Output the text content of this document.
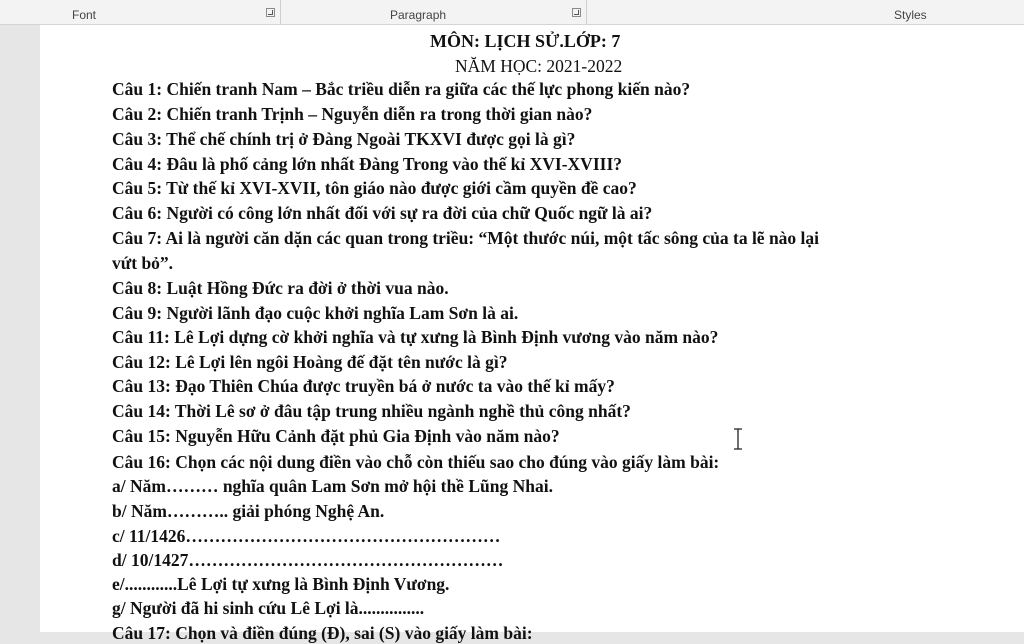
Font	Paragraph	Styles
MÔN: LỊCH SỬ.LỚP: 7
NĂM HỌC: 2021-2022
Câu 1: Chiến tranh Nam – Bắc triều diễn ra giữa các thế lực phong kiến nào?
Câu 2: Chiến tranh Trịnh – Nguyễn diễn ra trong thời gian nào?
Câu 3: Thể chế chính trị ở Đàng Ngoài TKXVI được gọi là gì?
Câu 4: Đâu là phố cảng lớn nhất Đàng Trong vào thế kỉ XVI-XVIII?
Câu 5: Từ thế kỉ XVI-XVII, tôn giáo nào được giới cầm quyền đề cao?
Câu 6: Người có công lớn nhất đối với sự ra đời của chữ Quốc ngữ là ai?
Câu 7: Ai là người căn dặn các quan trong triều: “Một thước núi, một tấc sông của ta lẽ nào lại
vứt bỏ”.
Câu 8: Luật Hồng Đức ra đời ở thời vua nào.
Câu 9: Người lãnh đạo cuộc khởi nghĩa Lam Sơn là ai.
Câu 11: Lê Lợi dựng cờ khởi nghĩa và tự xưng là Bình Định vương vào năm nào?
Câu 12: Lê Lợi lên ngôi Hoàng đế đặt tên nước là gì?
Câu 13: Đạo Thiên Chúa được truyền bá ở nước ta vào thế kỉ mấy?
Câu 14: Thời Lê sơ ở đâu tập trung nhiều ngành nghề thủ công nhất?
Câu 15: Nguyễn Hữu Cảnh đặt phủ Gia Định vào năm nào?
Câu 16: Chọn các nội dung điền vào chỗ còn thiếu sao cho đúng vào giấy làm bài:
a/ Năm……… nghĩa quân Lam Sơn mở hội thề Lũng Nhai.
b/ Năm……….. giải phóng Nghệ An.
c/ 11/1426………………………………………………
d/ 10/1427………………………………………………
e/............Lê Lợi tự xưng là Bình Định Vương.
g/ Người đã hi sinh cứu Lê Lợi là...............
Câu 17: Chọn và điền đúng (Đ), sai (S) vào giấy làm bài:
